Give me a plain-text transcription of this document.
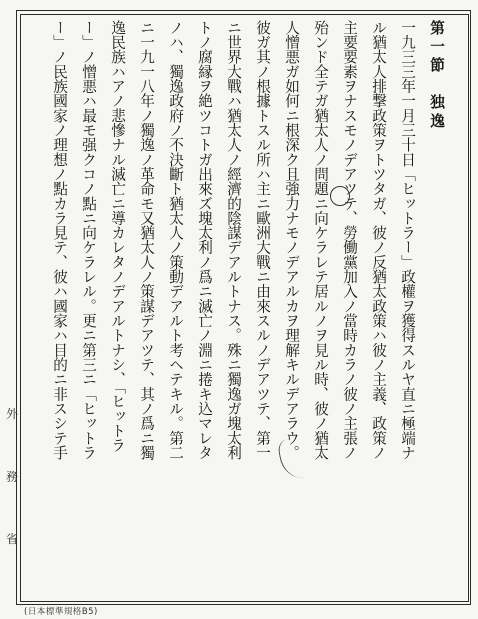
第一節　独逸
一九三三年一月三十日「ヒットラー」政權ヲ獲得スルヤ直ニ極端ナ
ル猶太人排撃政策ヲトツタガ、彼ノ反猶太政策ハ彼ノ主義、政策ノ
主要要素ヲナスモノデアツテ、勞働黨加入ノ當時カラノ彼ノ主張ノ
殆ンド全テガ猶太人ノ問題ニ向ケラレテ居ルノヲ見ル時、彼ノ猶太
人憎悪ガ如何ニ根深ク且強力ナモノデアルカヲ理解キルデアラウ。
彼ガ其ノ根據トスル所ハ主ニ歐洲大戰ニ由來スルノデアツテ、第一
ニ世界大戰ハ猶太人ノ經濟的陰謀デアルトナス。殊ニ獨逸ガ塊太利
トノ腐縁ヲ絶ツコトガ出來ズ塊太利ノ爲ニ滅亡ノ淵ニ捲キ込マレタ
ノハ、獨逸政府ノ不決斷ト猶太人ノ策動デアルト考ヘテキル。第二
ニ一九一八年ノ獨逸ノ革命モ又猶太人ノ策謀デアツテ、其ノ爲ニ獨
逸民族ハアノ悲慘ナル滅亡ニ導カレタノデアルトナシ、「ヒットラ
ー」ノ憎悪ハ最モ强クコノ點ニ向ケラレル。更ニ第三ニ「ヒットラ
ー」ノ民族國家ノ理想ノ點カラ見テ、彼ハ國家ハ目的ニ非スシテ手
外
務
省
(日本標準規格B5)
